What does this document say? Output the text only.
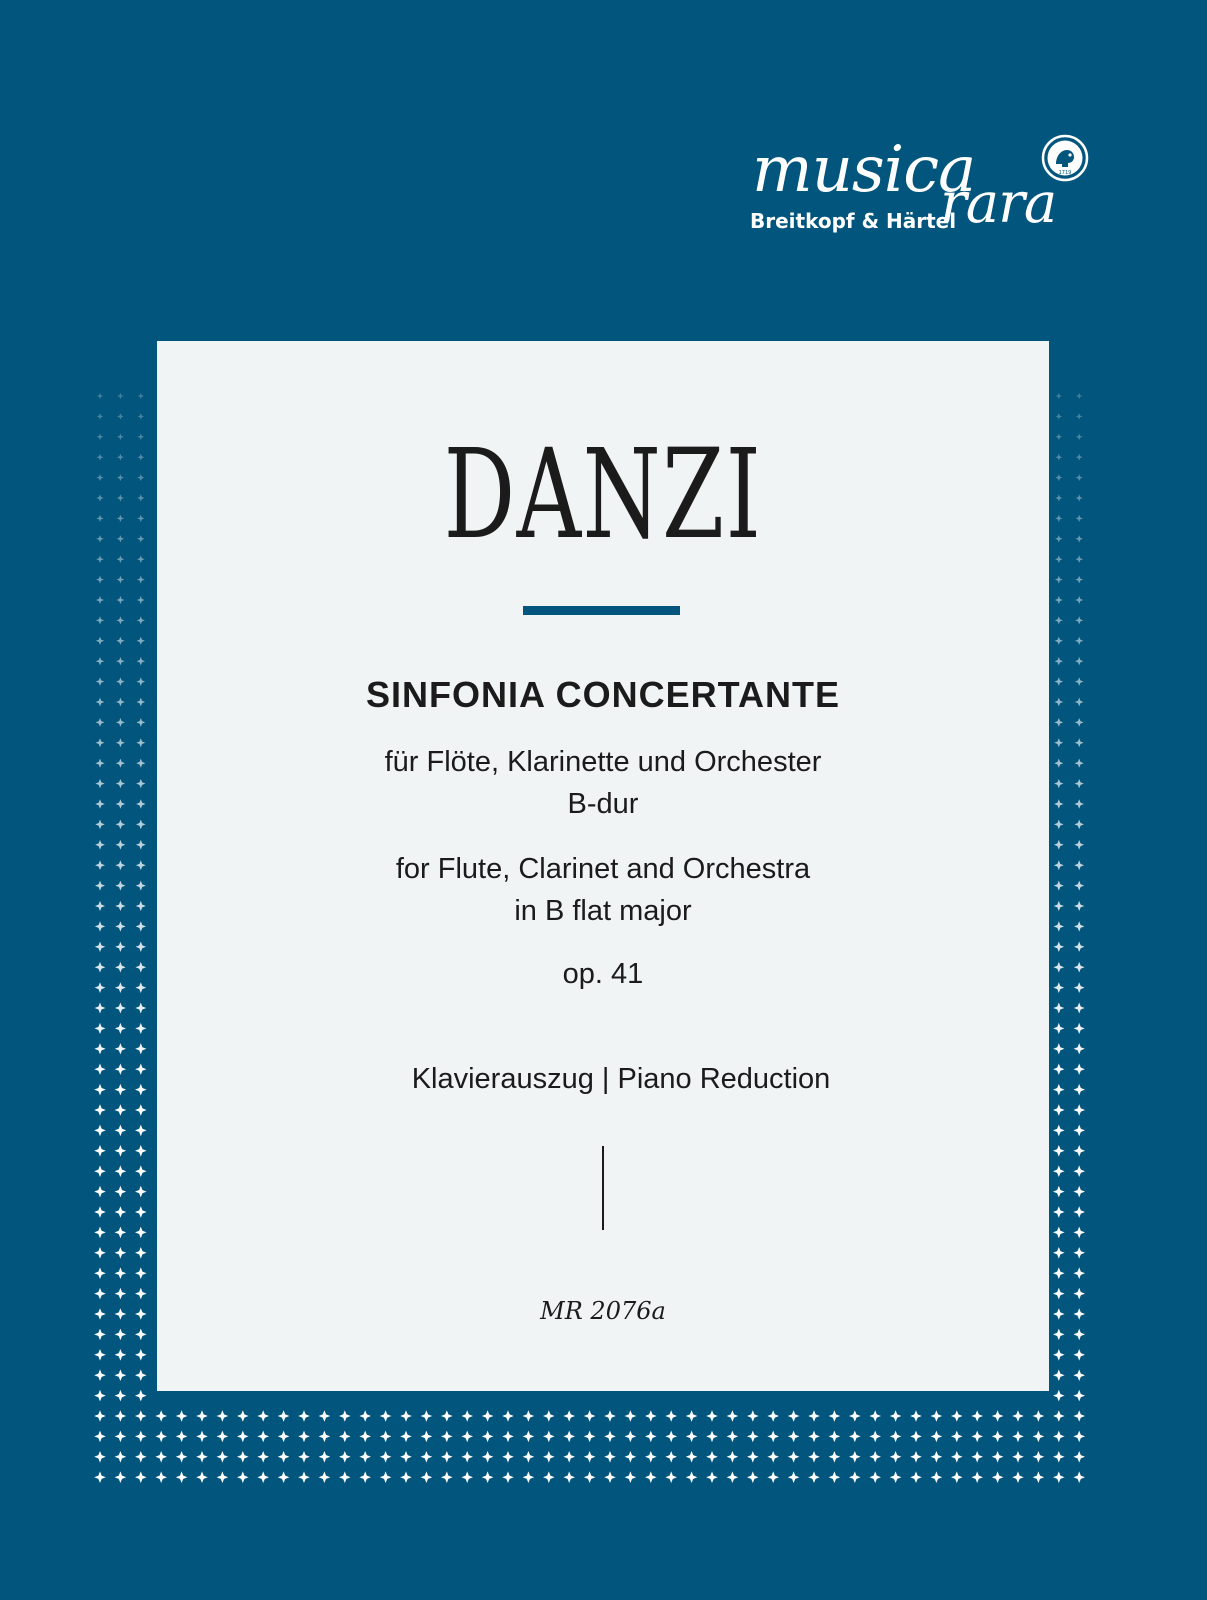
musica
rara
Breitkopf & Härtel
1719
DANZI
SINFONIA CONCERTANTE
für Flöte, Klarinette und Orchester
B-dur
for Flute, Clarinet and Orchestra
in B flat major
op. 41
Klavierauszug | Piano Reduction
MR 2076a
